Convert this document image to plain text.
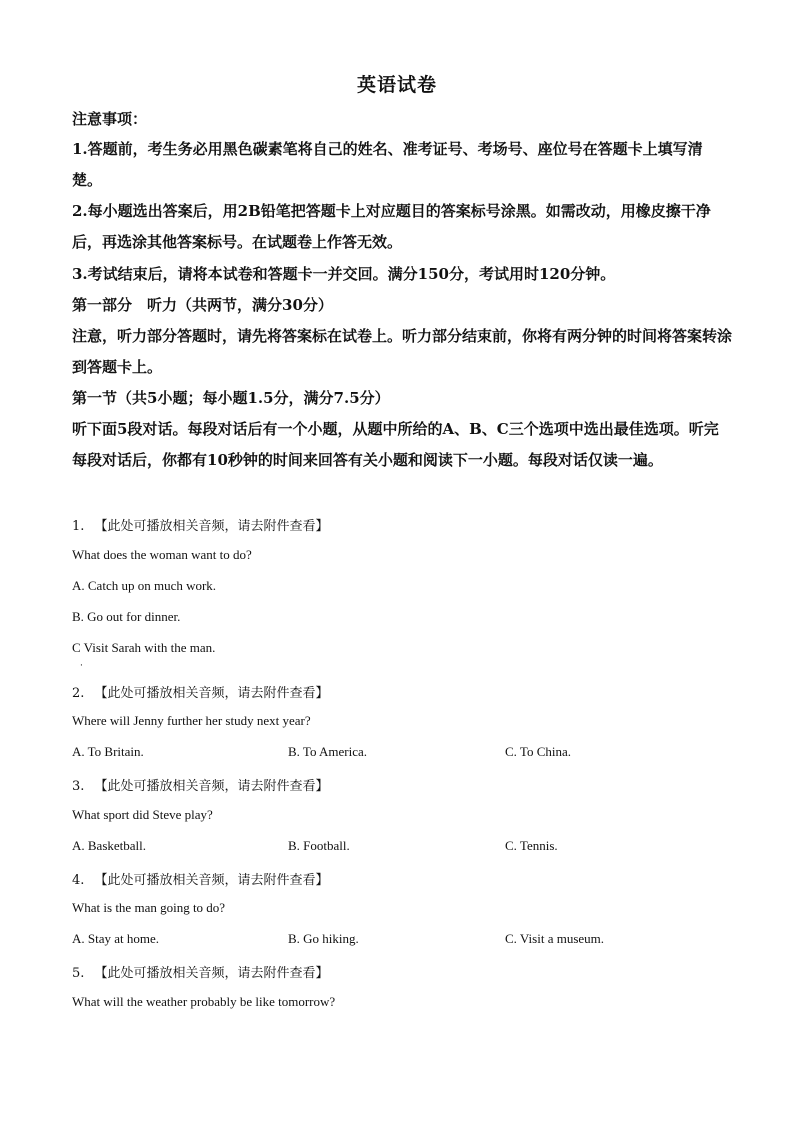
英语试卷
注意事项：
1.答题前，考生务必用黑色碳素笔将自己的姓名、准考证号、考场号、座位号在答题卡上填写清楚。
2.每小题选出答案后，用2B铅笔把答题卡上对应题目的答案标号涂黑。如需改动，用橡皮擦干净后，再选涂其他答案标号。在试题卷上作答无效。
3.考试结束后，请将本试卷和答题卡一并交回。满分150分，考试用时120分钟。
第一部分　听力（共两节，满分30分）
注意，听力部分答题时，请先将答案标在试卷上。听力部分结束前，你将有两分钟的时间将答案转涂到答题卡上。
第一节（共5小题；每小题1.5分，满分7.5分）
听下面5段对话。每段对话后有一个小题，从题中所给的A、B、C三个选项中选出最佳选项。听完每段对话后，你都有10秒钟的时间来回答有关小题和阅读下一小题。每段对话仅读一遍。
1. 【此处可播放相关音频，请去附件查看】
What does the woman want to do?
A. Catch up on much work.
B. Go out for dinner.
C Visit Sarah with the man.
·
2. 【此处可播放相关音频，请去附件查看】
Where will Jenny further her study next year?
A. To Britain.	B. To America.	C. To China.
3. 【此处可播放相关音频，请去附件查看】
What sport did Steve play?
A. Basketball.	B. Football.	C. Tennis.
4. 【此处可播放相关音频，请去附件查看】
What is the man going to do?
A. Stay at home.	B. Go hiking.	C. Visit a museum.
5. 【此处可播放相关音频，请去附件查看】
What will the weather probably be like tomorrow?
